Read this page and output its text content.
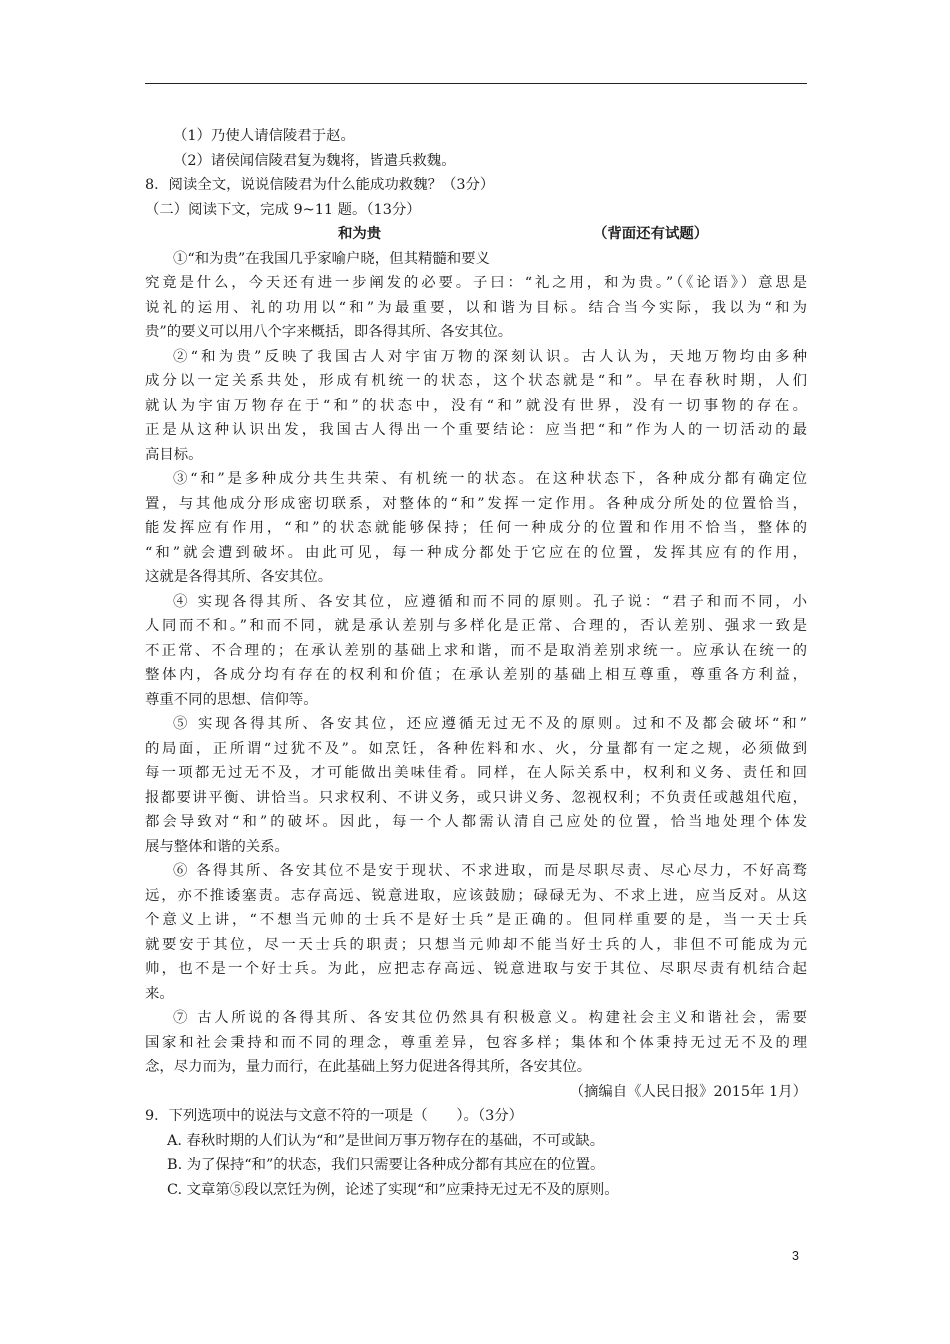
（1）乃使人请信陵君于赵。
（2）诸侯闻信陵君复为魏将，皆遣兵救魏。
8．阅读全文，说说信陵君为什么能成功救魏？（3分）
（二）阅读下文，完成 9~11 题。（13分）
和为贵	（背面还有试题）
①“和为贵”在我国几乎家喻户晓，但其精髓和要义
究竟是什么，今天还有进一步阐发的必要。子曰：“礼之用，和为贵。”（《论语》）意思是
说礼的运用、礼的功用以“和”为最重要，以和谐为目标。结合当今实际，我以为“和为
贵”的要义可以用八个字来概括，即各得其所、各安其位。
②“和为贵”反映了我国古人对宇宙万物的深刻认识。古人认为，天地万物均由多种
成分以一定关系共处，形成有机统一的状态，这个状态就是“和”。早在春秋时期，人们
就认为宇宙万物存在于“和”的状态中，没有“和”就没有世界，没有一切事物的存在。
正是从这种认识出发，我国古人得出一个重要结论：应当把“和”作为人的一切活动的最
高目标。
③“和”是多种成分共生共荣、有机统一的状态。在这种状态下，各种成分都有确定位
置，与其他成分形成密切联系，对整体的“和”发挥一定作用。各种成分所处的位置恰当，
能发挥应有作用，“和”的状态就能够保持；任何一种成分的位置和作用不恰当，整体的
“和”就会遭到破坏。由此可见，每一种成分都处于它应在的位置，发挥其应有的作用，
这就是各得其所、各安其位。
④ 实现各得其所、各安其位，应遵循和而不同的原则。孔子说：“君子和而不同，小
人同而不和。”和而不同，就是承认差别与多样化是正常、合理的，否认差别、强求一致是
不正常、不合理的；在承认差别的基础上求和谐，而不是取消差别求统一。应承认在统一的
整体内，各成分均有存在的权利和价值；在承认差别的基础上相互尊重，尊重各方利益，
尊重不同的思想、信仰等。
⑤ 实现各得其所、各安其位，还应遵循无过无不及的原则。过和不及都会破坏“和”
的局面，正所谓“过犹不及”。如烹饪，各种佐料和水、火，分量都有一定之规，必须做到
每一项都无过无不及，才可能做出美味佳肴。同样，在人际关系中，权利和义务、责任和回
报都要讲平衡、讲恰当。只求权利、不讲义务，或只讲义务、忽视权利；不负责任或越俎代庖，
都会导致对“和”的破坏。因此，每一个人都需认清自己应处的位置，恰当地处理个体发
展与整体和谐的关系。
⑥ 各得其所、各安其位不是安于现状、不求进取，而是尽职尽责、尽心尽力，不好高骛
远，亦不推诿塞责。志存高远、锐意进取，应该鼓励；碌碌无为、不求上进，应当反对。从这
个意义上讲，“不想当元帅的士兵不是好士兵”是正确的。但同样重要的是，当一天士兵
就要安于其位，尽一天士兵的职责；只想当元帅却不能当好士兵的人，非但不可能成为元
帅，也不是一个好士兵。为此，应把志存高远、锐意进取与安于其位、尽职尽责有机结合起
来。
⑦ 古人所说的各得其所、各安其位仍然具有积极意义。构建社会主义和谐社会，需要
国家和社会秉持和而不同的理念，尊重差异，包容多样；集体和个体秉持无过无不及的理
念，尽力而为，量力而行，在此基础上努力促进各得其所，各安其位。
（摘编自《人民日报》2015年 1月）
9．下列选项中的说法与文意不符的一项是（　　）。（3分）
A. 春秋时期的人们认为“和”是世间万事万物存在的基础，不可或缺。
B. 为了保持“和”的状态，我们只需要让各种成分都有其应在的位置。
C. 文章第⑤段以烹饪为例，论述了实现“和”应秉持无过无不及的原则。
3
